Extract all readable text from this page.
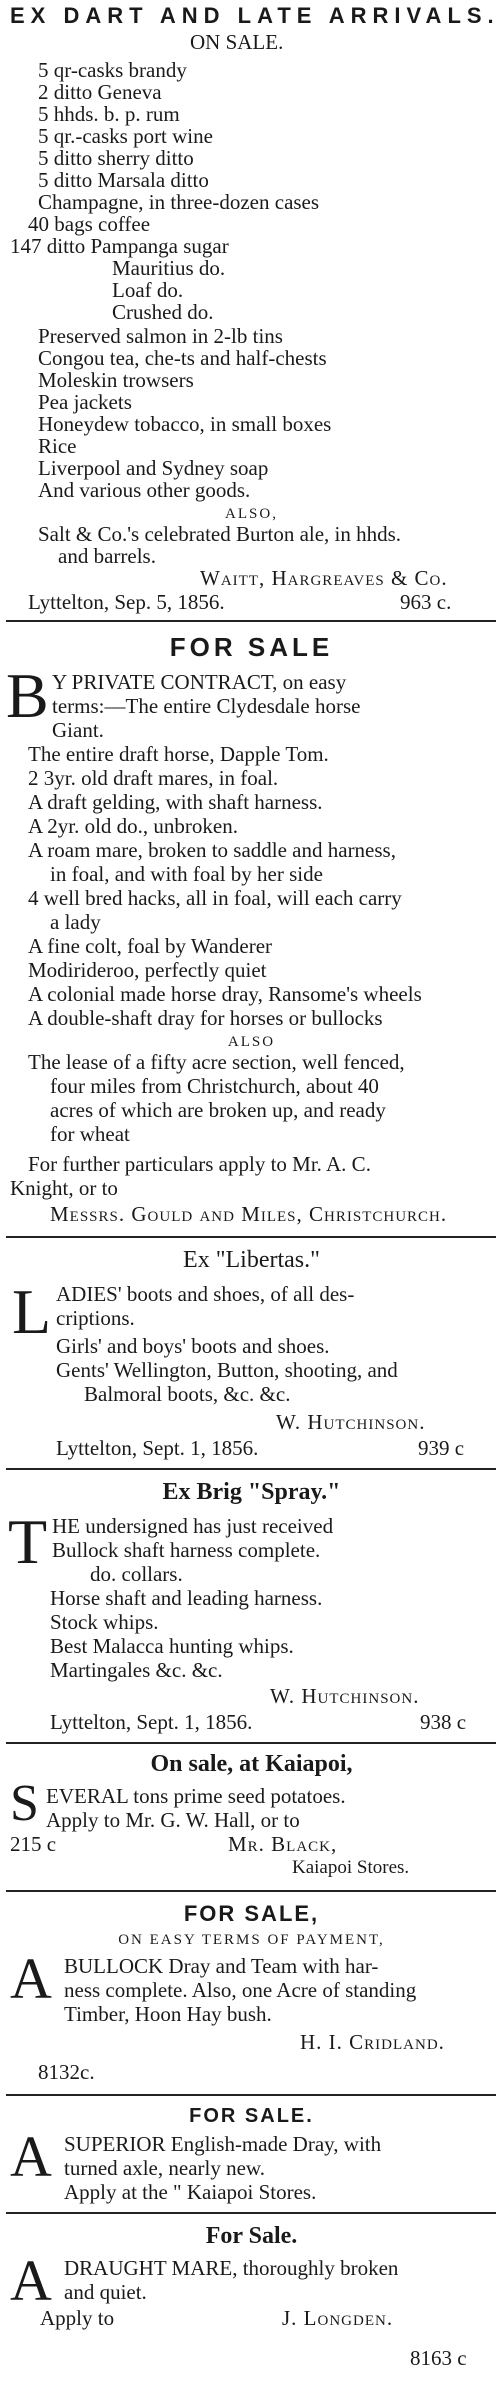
EX DART AND LATE ARRIVALS.
ON SALE.
5 qr-casks brandy
2 ditto Geneva
5 hhds. b. p. rum
5 qr.-casks port wine
5 ditto sherry ditto
5 ditto Marsala ditto
Champagne, in three-dozen cases
40 bags coffee
147 ditto Pampanga sugar
Mauritius do.
Loaf do.
Crushed do.
Preserved salmon in 2-lb tins
Congou tea, che-ts and half-chests
Moleskin trowsers
Pea jackets
Honeydew tobacco, in small boxes
Rice
Liverpool and Sydney soap
And various other goods.
ALSO,
Salt & Co.'s celebrated Burton ale, in hhds.
and barrels.
Waitt, Hargreaves & Co.
Lyttelton, Sep. 5, 1856.	963 c.
FOR SALE
B Y PRIVATE CONTRACT, on easy
terms:—The entire Clydesdale horse
Giant.
The entire draft horse, Dapple Tom.
2 3yr. old draft mares, in foal.
A draft gelding, with shaft harness.
A 2yr. old do., unbroken.
A roam mare, broken to saddle and harness,
in foal, and with foal by her side
4 well bred hacks, all in foal, will each carry
a lady
A fine colt, foal by Wanderer
Modirideroo, perfectly quiet
A colonial made horse dray, Ransome's wheels
A double-shaft dray for horses or bullocks
ALSO
The lease of a fifty acre section, well fenced,
four miles from Christchurch, about 40
acres of which are broken up, and ready
for wheat
For further particulars apply to Mr. A. C.
Knight, or to
Messrs. Gould and Miles, Christchurch.
Ex "Libertas."
L ADIES' boots and shoes, of all des-
criptions.
Girls' and boys' boots and shoes.
Gents' Wellington, Button, shooting, and
Balmoral boots, &c. &c.
W. Hutchinson.
Lyttelton, Sept. 1, 1856.	939 c
Ex Brig "Spray."
T HE undersigned has just received
Bullock shaft harness complete.
do. collars.
Horse shaft and leading harness.
Stock whips.
Best Malacca hunting whips.
Martingales &c. &c.
W. Hutchinson.
Lyttelton, Sept. 1, 1856.	938 c
On sale, at Kaiapoi,
S EVERAL tons prime seed potatoes.
Apply to Mr. G. W. Hall, or to
215 c	Mr. Black,
Kaiapoi Stores.
FOR SALE,
ON EASY TERMS OF PAYMENT,
A BULLOCK Dray and Team with har-
ness complete. Also, one Acre of standing
Timber, Hoon Hay bush.
H. I. Cridland.
8132c.
FOR SALE.
A SUPERIOR English-made Dray, with
turned axle, nearly new.
Apply at the " Kaiapoi Stores.
For Sale.
A DRAUGHT MARE, thoroughly broken
and quiet.
Apply to	J. Longden.
8163 c
